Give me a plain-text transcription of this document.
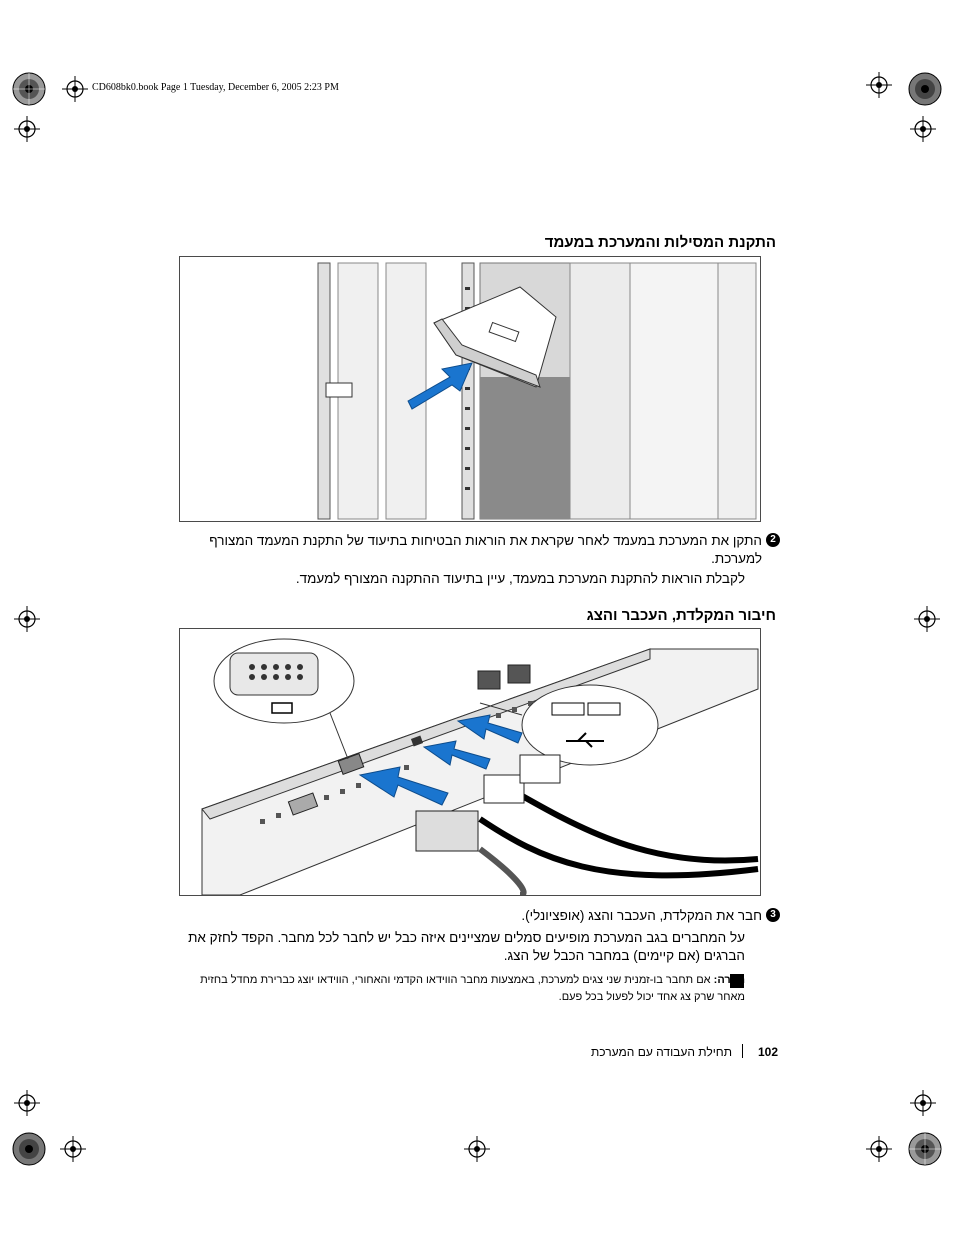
CD608bk0.book Page 1 Tuesday, December 6, 2005 2:23 PM
התקנת המסילות והמערכת במעמד
2
התקן את המערכת במעמד לאחר שקראת את הוראות הבטיחות בתיעוד של התקנת המעמד המצורף למערכת.
לקבלת הוראות להתקנת המערכת במעמד, עיין בתיעוד ההתקנה המצורף למעמד.
חיבור המקלדת, העכבר והצג
3
חבר את המקלדת, העכבר והצג (אופציונלי).
על המחברים בגב המערכת מופיעים סמלים שמציינים איזה כבל יש לחבר לכל מחבר. הקפד לחזק את הברגים (אם קיימים) במחבר הכבל של הצג.
הערה: אם תחבר בו-זמנית שני צגים למערכת, באמצעות מחבר הווידאו הקדמי והאחורי, הווידאו יוצג כברירת מחדל בחזית מאחר שרק צג אחד יכול לפעול בכל פעם.
102
תחילת העבודה עם המערכת
